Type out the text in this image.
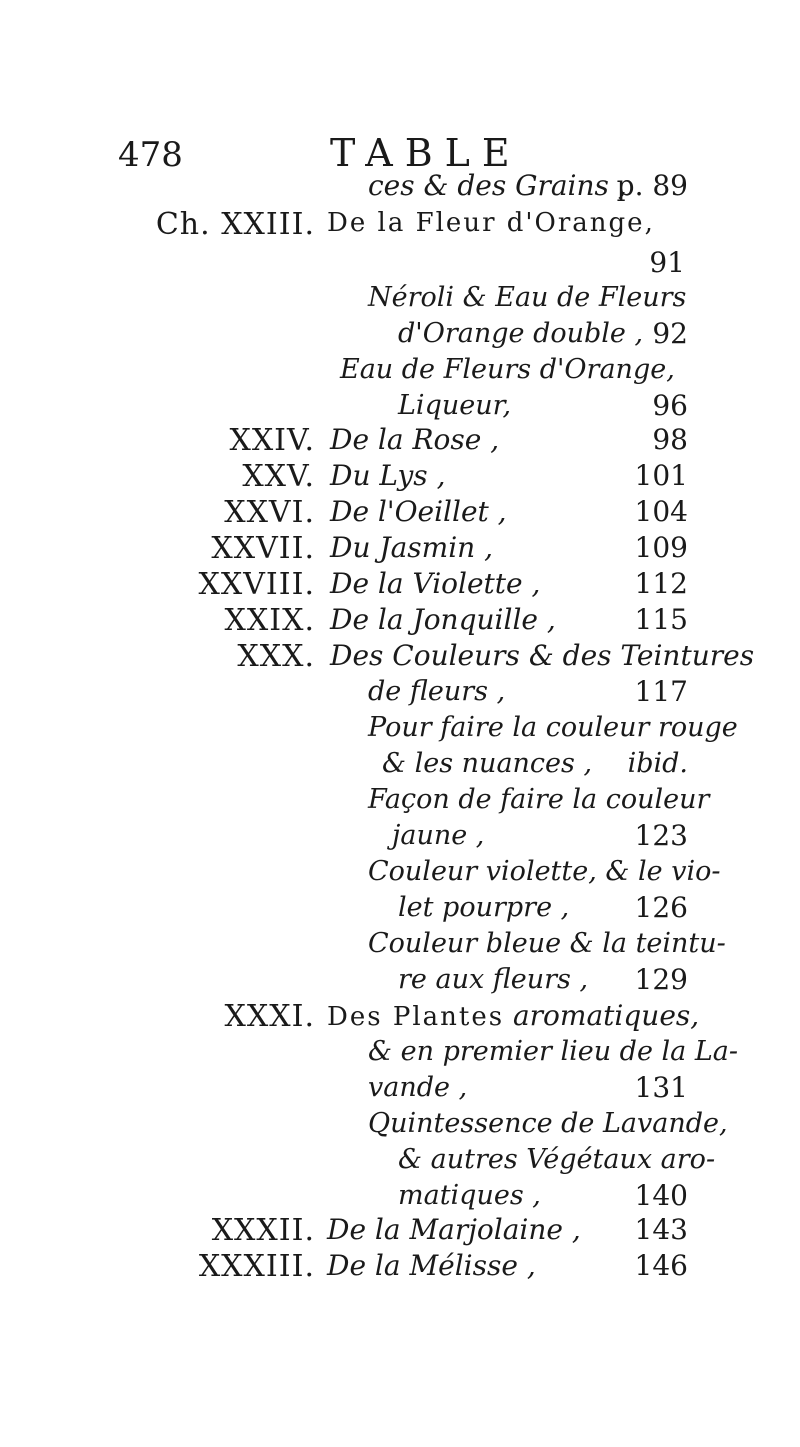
478	TABLE
ces & des Grains ,
p. 89
Ch. XXIII. De la Fleur d'Orange,
91
Néroli & Eau de Fleurs
d'Orange double , 92
Eau de Fleurs d'Orange,
Liqueur,	96
XXIV. De la Rose ,	98
XXV. Du Lys ,	101
XXVI. De l'Oeillet ,	104
XXVII. Du Jasmin ,	109
XXVIII. De la Violette ,	112
XXIX. De la Jonquille ,	115
XXX. Des Couleurs & des Teintures
de fleurs ,	117
Pour faire la couleur rouge
& les nuances , ibid.
Façon de faire la couleur
jaune ,	123
Couleur violette, & le vio-
let pourpre , 126
Couleur bleue & la teintu-
re aux fleurs , 129
XXXI. Des Plantes aromatiques,
& en premier lieu de la La-
vande ,	131
Quintessence de Lavande,
& autres Végétaux aro-
matiques ,	140
XXXII. De la Marjolaine , 143
XXXIII. De la Mélisse ,	146
